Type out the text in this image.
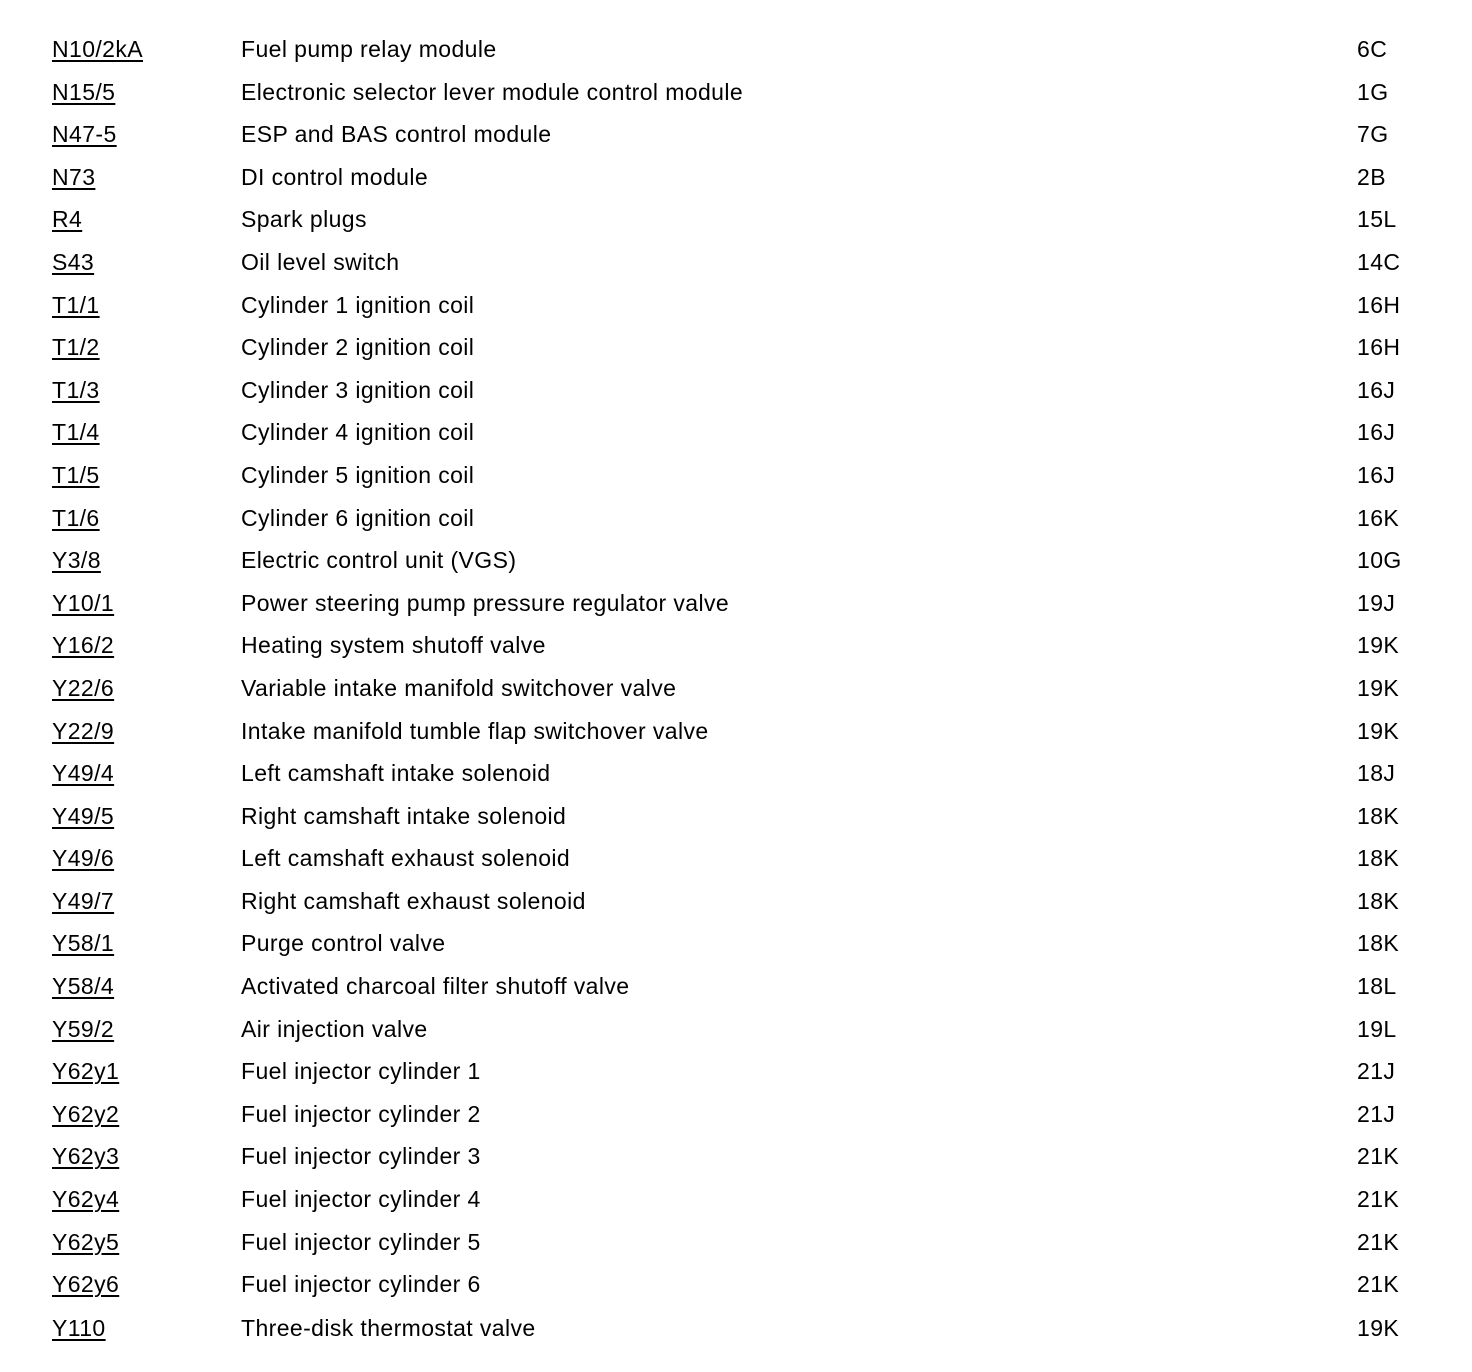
N10/2kA	Fuel pump relay module	6C
N15/5	Electronic selector lever module control module	1G
N47-5	ESP and BAS control module	7G
N73	DI control module	2B
R4	Spark plugs	15L
S43	Oil level switch	14C
T1/1	Cylinder 1 ignition coil	16H
T1/2	Cylinder 2 ignition coil	16H
T1/3	Cylinder 3 ignition coil	16J
T1/4	Cylinder 4 ignition coil	16J
T1/5	Cylinder 5 ignition coil	16J
T1/6	Cylinder 6 ignition coil	16K
Y3/8	Electric control unit (VGS)	10G
Y10/1	Power steering pump pressure regulator valve	19J
Y16/2	Heating system shutoff valve	19K
Y22/6	Variable intake manifold switchover valve	19K
Y22/9	Intake manifold tumble flap switchover valve	19K
Y49/4	Left camshaft intake solenoid	18J
Y49/5	Right camshaft intake solenoid	18K
Y49/6	Left camshaft exhaust solenoid	18K
Y49/7	Right camshaft exhaust solenoid	18K
Y58/1	Purge control valve	18K
Y58/4	Activated charcoal filter shutoff valve	18L
Y59/2	Air injection valve	19L
Y62y1	Fuel injector cylinder 1	21J
Y62y2	Fuel injector cylinder 2	21J
Y62y3	Fuel injector cylinder 3	21K
Y62y4	Fuel injector cylinder 4	21K
Y62y5	Fuel injector cylinder 5	21K
Y62y6	Fuel injector cylinder 6	21K
Y110	Three-disk thermostat valve	19K
